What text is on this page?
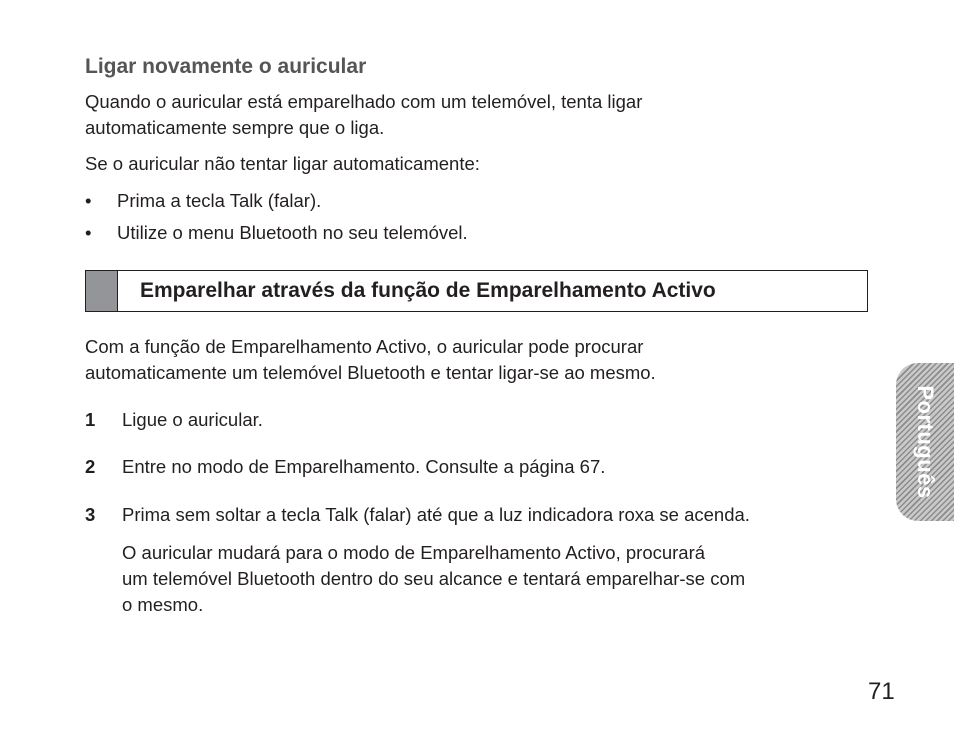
Ligar novamente o auricular
Quando o auricular está emparelhado com um telemóvel, tenta ligar
automaticamente sempre que o liga.
Se o auricular não tentar ligar automaticamente:
• Prima a tecla Talk (falar).
• Utilize o menu Bluetooth no seu telemóvel.
Emparelhar através da função de Emparelhamento Activo
Com a função de Emparelhamento Activo, o auricular pode procurar
automaticamente um telemóvel Bluetooth e tentar ligar-se ao mesmo.
1 Ligue o auricular.
2 Entre no modo de Emparelhamento. Consulte a página 67.
3 Prima sem soltar a tecla Talk (falar) até que a luz indicadora roxa se acenda.
O auricular mudará para o modo de Emparelhamento Activo, procurará
um telemóvel Bluetooth dentro do seu alcance e tentará emparelhar-se com
o mesmo.
Português
71
